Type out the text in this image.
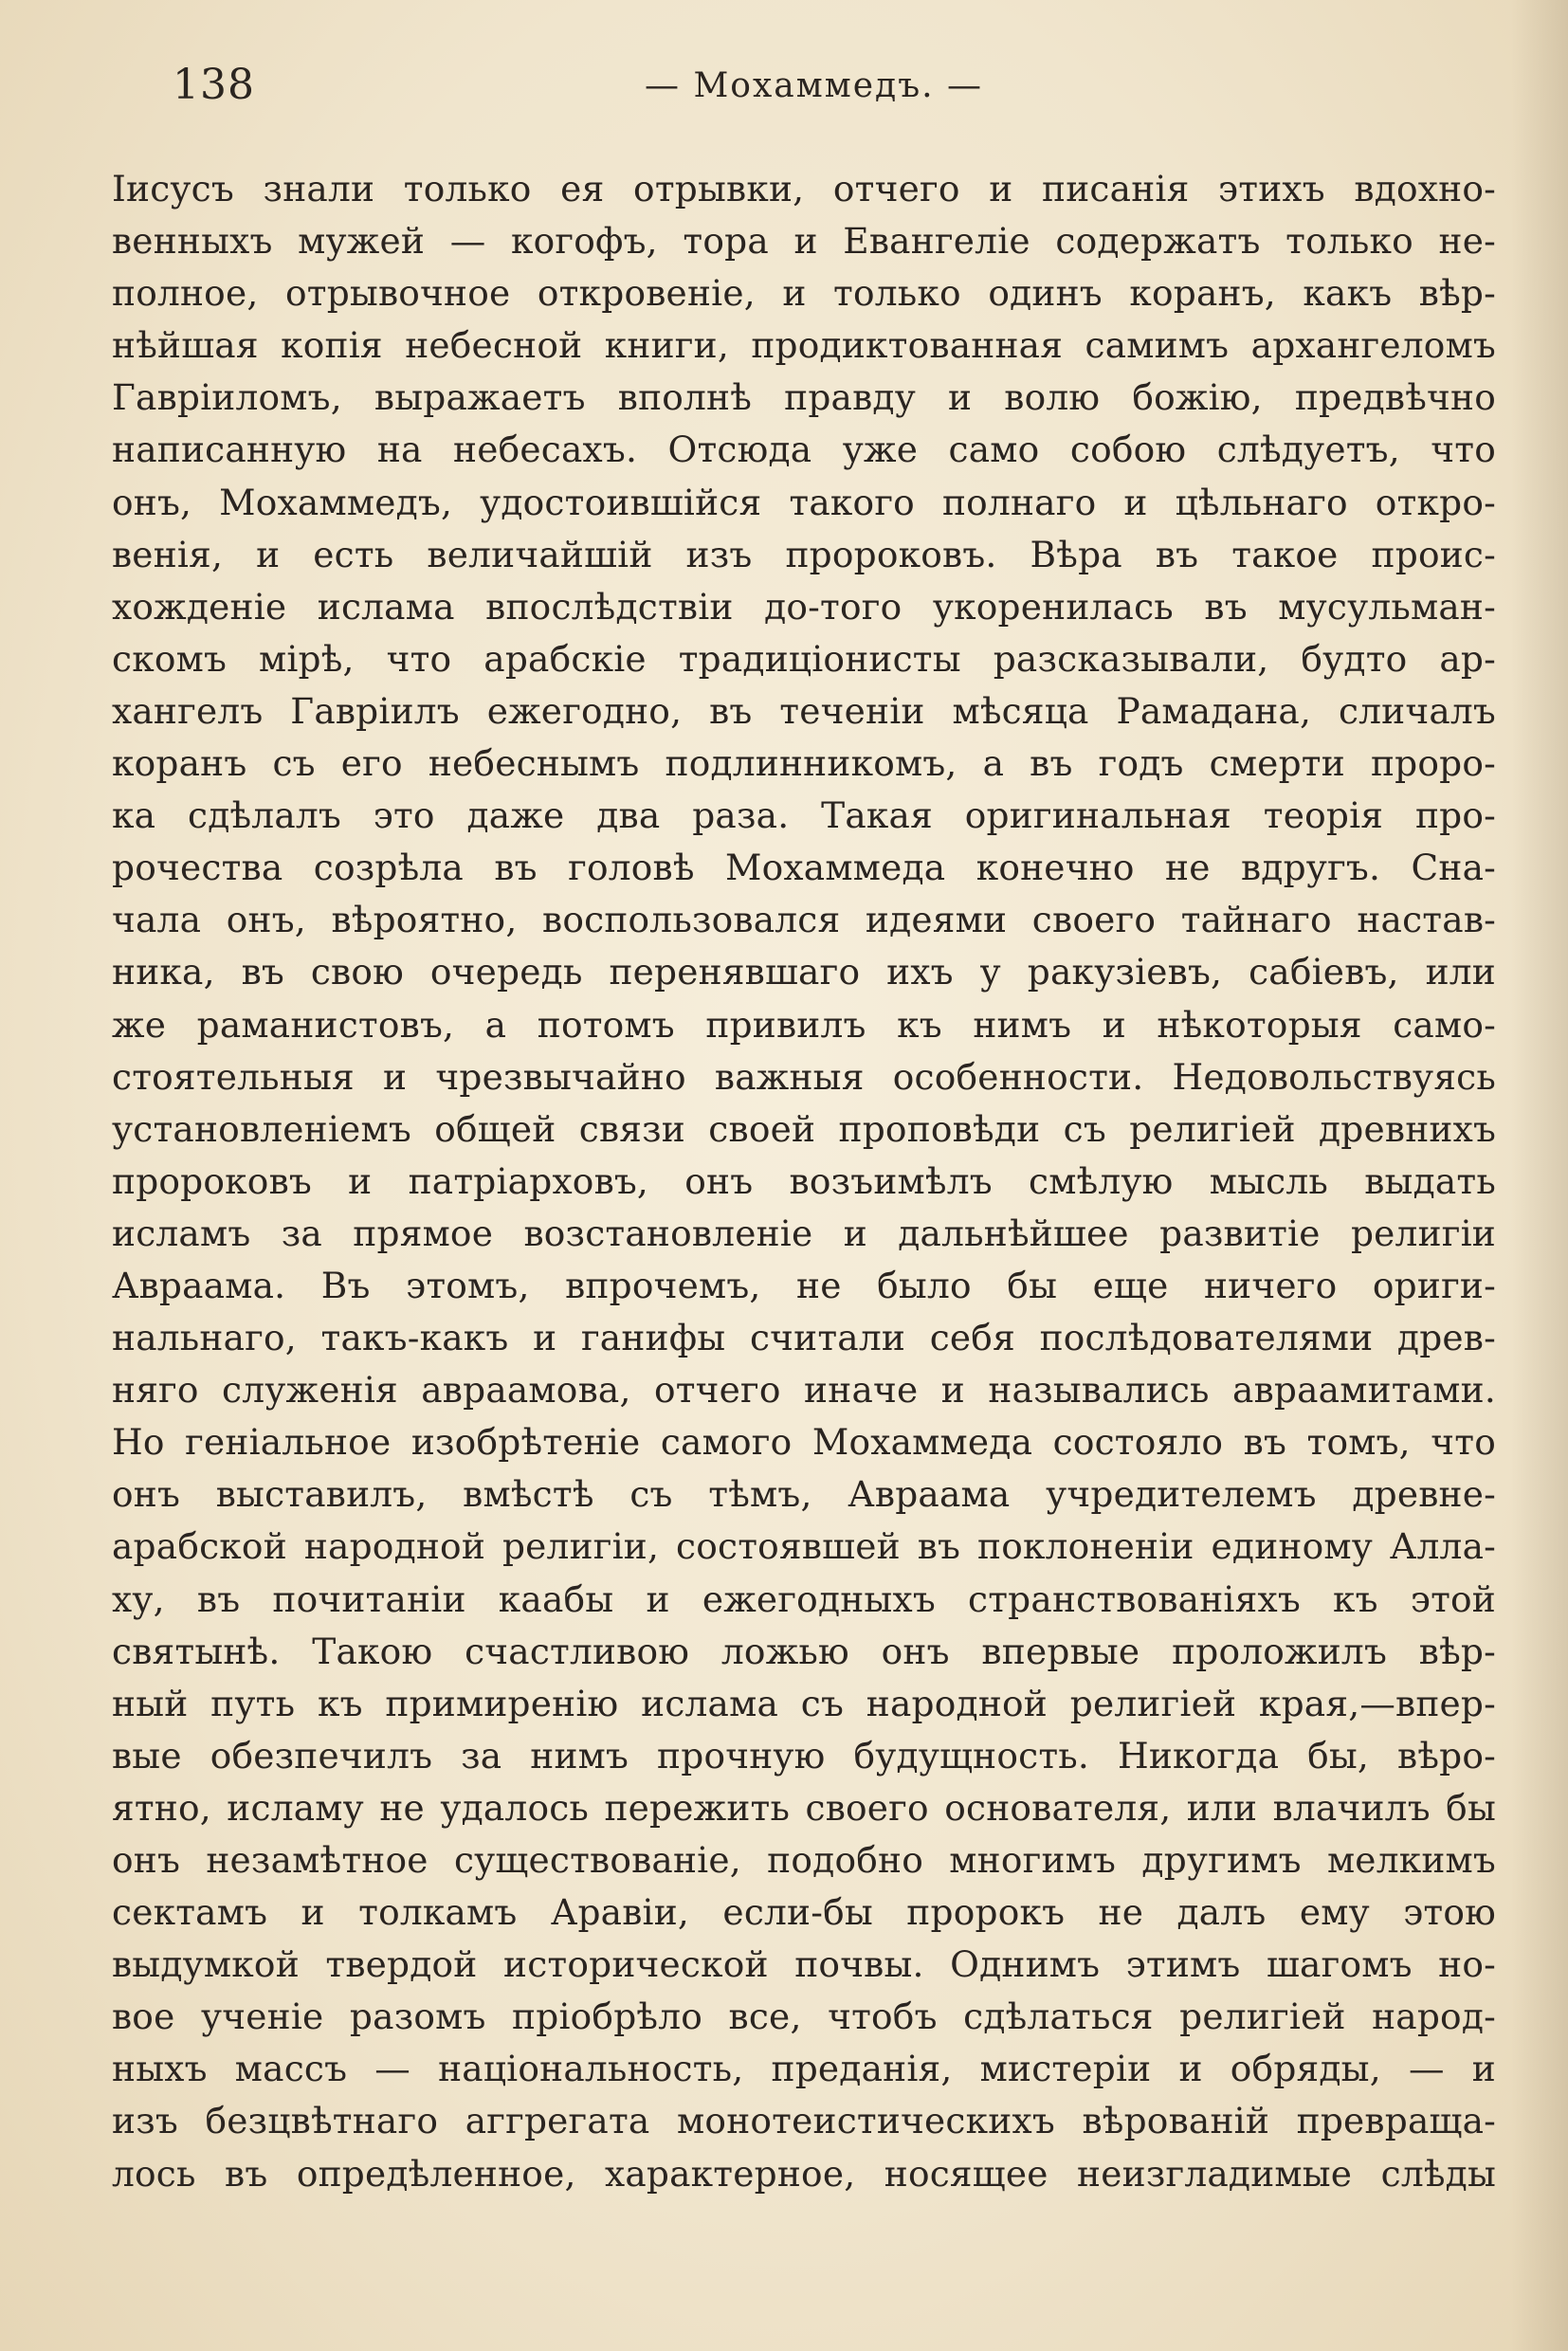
138	— Мохаммедъ. —
Іисусъ знали только ея отрывки, отчего и писанія этихъ вдохно-
венныхъ мужей — когофъ, тора и Евангеліе содержатъ только не-
полное, отрывочное откровеніе, и только одинъ коранъ, какъ вѣр-
нѣйшая копія небесной книги, продиктованная самимъ архангеломъ
Гавріиломъ, выражаетъ вполнѣ правду и волю божію, предвѣчно
написанную на небесахъ. Отсюда уже само собою слѣдуетъ, что
онъ, Мохаммедъ, удостоившійся такого полнаго и цѣльнаго откро-
венія, и есть величайшій изъ пророковъ. Вѣра въ такое проис-
хожденіе ислама впослѣдствіи до-того укоренилась въ мусульман-
скомъ мірѣ, что арабскіе традиціонисты разсказывали, будто ар-
хангелъ Гавріилъ ежегодно, въ теченіи мѣсяца Рамадана, сличалъ
коранъ съ его небеснымъ подлинникомъ, а въ годъ смерти проро-
ка сдѣлалъ это даже два раза. Такая оригинальная теорія про-
рочества созрѣла въ головѣ Мохаммеда конечно не вдругъ. Сна-
чала онъ, вѣроятно, воспользовался идеями своего тайнаго настав-
ника, въ свою очередь перенявшаго ихъ у ракузіевъ, сабіевъ, или
же раманистовъ, а потомъ привилъ къ нимъ и нѣкоторыя само-
стоятельныя и чрезвычайно важныя особенности. Недовольствуясь
установленіемъ общей связи своей проповѣди съ религіей древнихъ
пророковъ и патріарховъ, онъ возъимѣлъ смѣлую мысль выдать
исламъ за прямое возстановленіе и дальнѣйшее развитіе религіи
Авраама. Въ этомъ, впрочемъ, не было бы еще ничего ориги-
нальнаго, такъ-какъ и ганифы считали себя послѣдователями древ-
няго служенія авраамова, отчего иначе и назывались авраамитами.
Но геніальное изобрѣтеніе самого Мохаммеда состояло въ томъ, что
онъ выставилъ, вмѣстѣ съ тѣмъ, Авраама учредителемъ древне-
арабской народной религіи, состоявшей въ поклоненіи единому Алла-
ху, въ почитаніи каабы и ежегодныхъ странствованіяхъ къ этой
святынѣ. Такою счастливою ложью онъ впервые проложилъ вѣр-
ный путь къ примиренію ислама съ народной религіей края,—впер-
вые обезпечилъ за нимъ прочную будущность. Никогда бы, вѣро-
ятно, исламу не удалось пережить своего основателя, или влачилъ бы
онъ незамѣтное существованіе, подобно многимъ другимъ мелкимъ
сектамъ и толкамъ Аравіи, если-бы пророкъ не далъ ему этою
выдумкой твердой исторической почвы. Однимъ этимъ шагомъ но-
вое ученіе разомъ пріобрѣло все, чтобъ сдѣлаться религіей народ-
ныхъ массъ — національность, преданія, мистеріи и обряды, — и
изъ безцвѣтнаго аггрегата монотеистическихъ вѣрованій превраща-
лось въ опредѣленное, характерное, носящее неизгладимые слѣды
